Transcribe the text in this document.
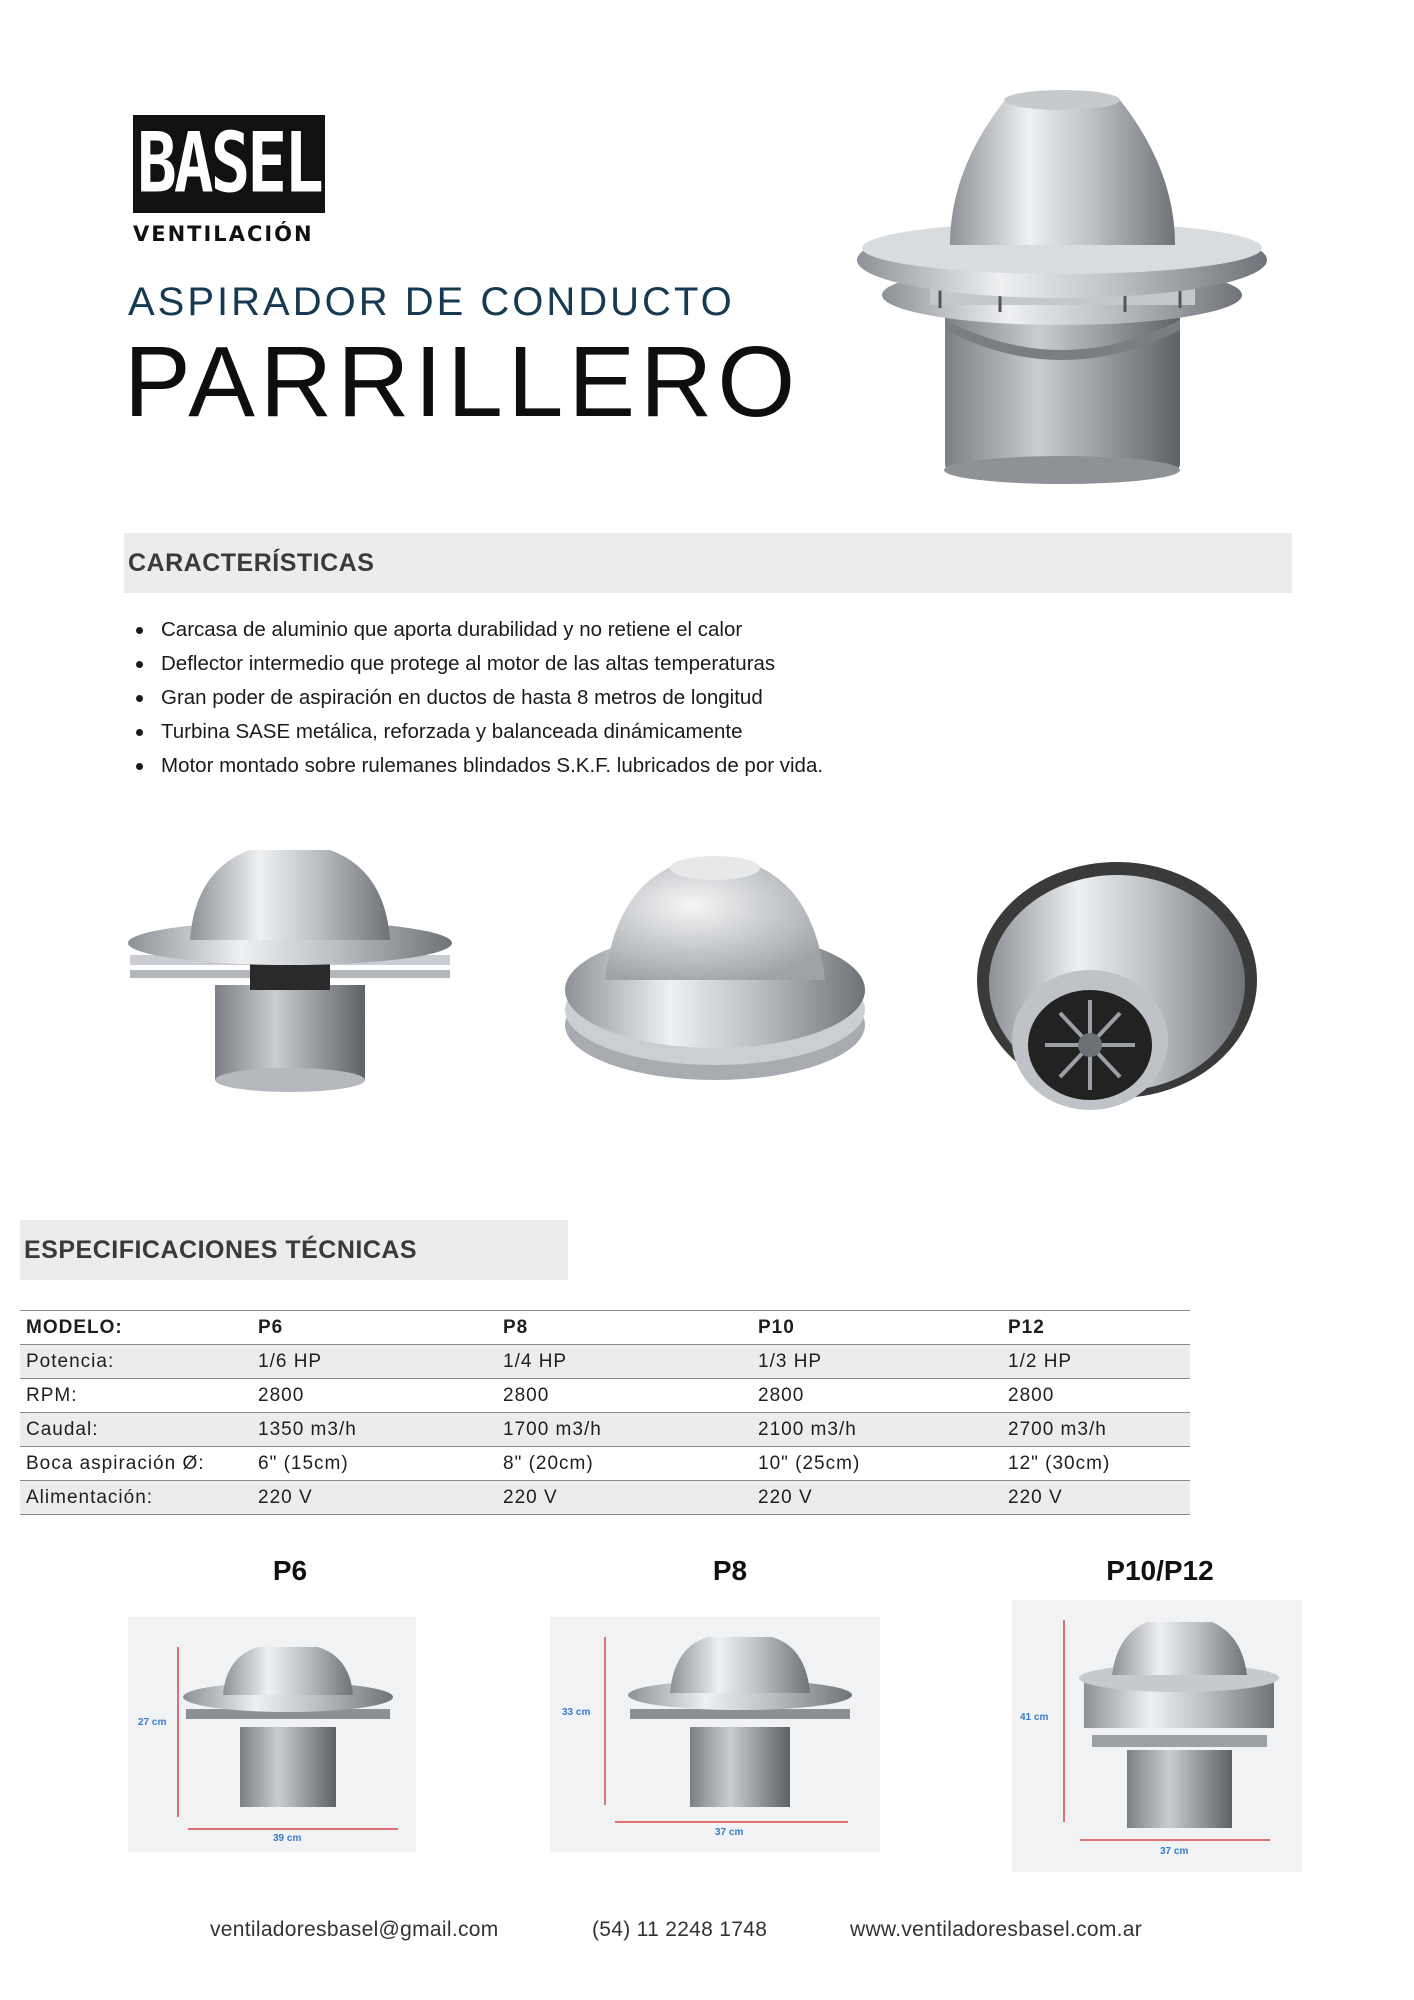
BASEL
VENTILACIÓN
ASPIRADOR DE CONDUCTO
PARRILLERO
CARACTERÍSTICAS
Carcasa de aluminio que aporta durabilidad y no retiene el calor
Deflector intermedio que protege al motor de las altas temperaturas
Gran poder de aspiración en ductos de hasta 8 metros de longitud
Turbina SASE metálica, reforzada y balanceada dinámicamente
Motor montado sobre rulemanes blindados S.K.F. lubricados de por vida.
ESPECIFICACIONES TÉCNICAS
MODELO:	P6	P8	P10	P12
Potencia:	1/6 HP	1/4 HP	1/3 HP	1/2 HP
RPM:	2800	2800	2800	2800
Caudal:	1350 m3/h	1700 m3/h	2100 m3/h	2700 m3/h
Boca aspiración Ø:	6" (15cm)	8" (20cm)	10" (25cm)	12" (30cm)
Alimentación:	220 V	220 V	220 V	220 V
P6	P8	P10/P12
27 cm
39 cm
33 cm
37 cm
41 cm
37 cm
ventiladoresbasel@gmail.com	(54) 11 2248 1748	www.ventiladoresbasel.com.ar
